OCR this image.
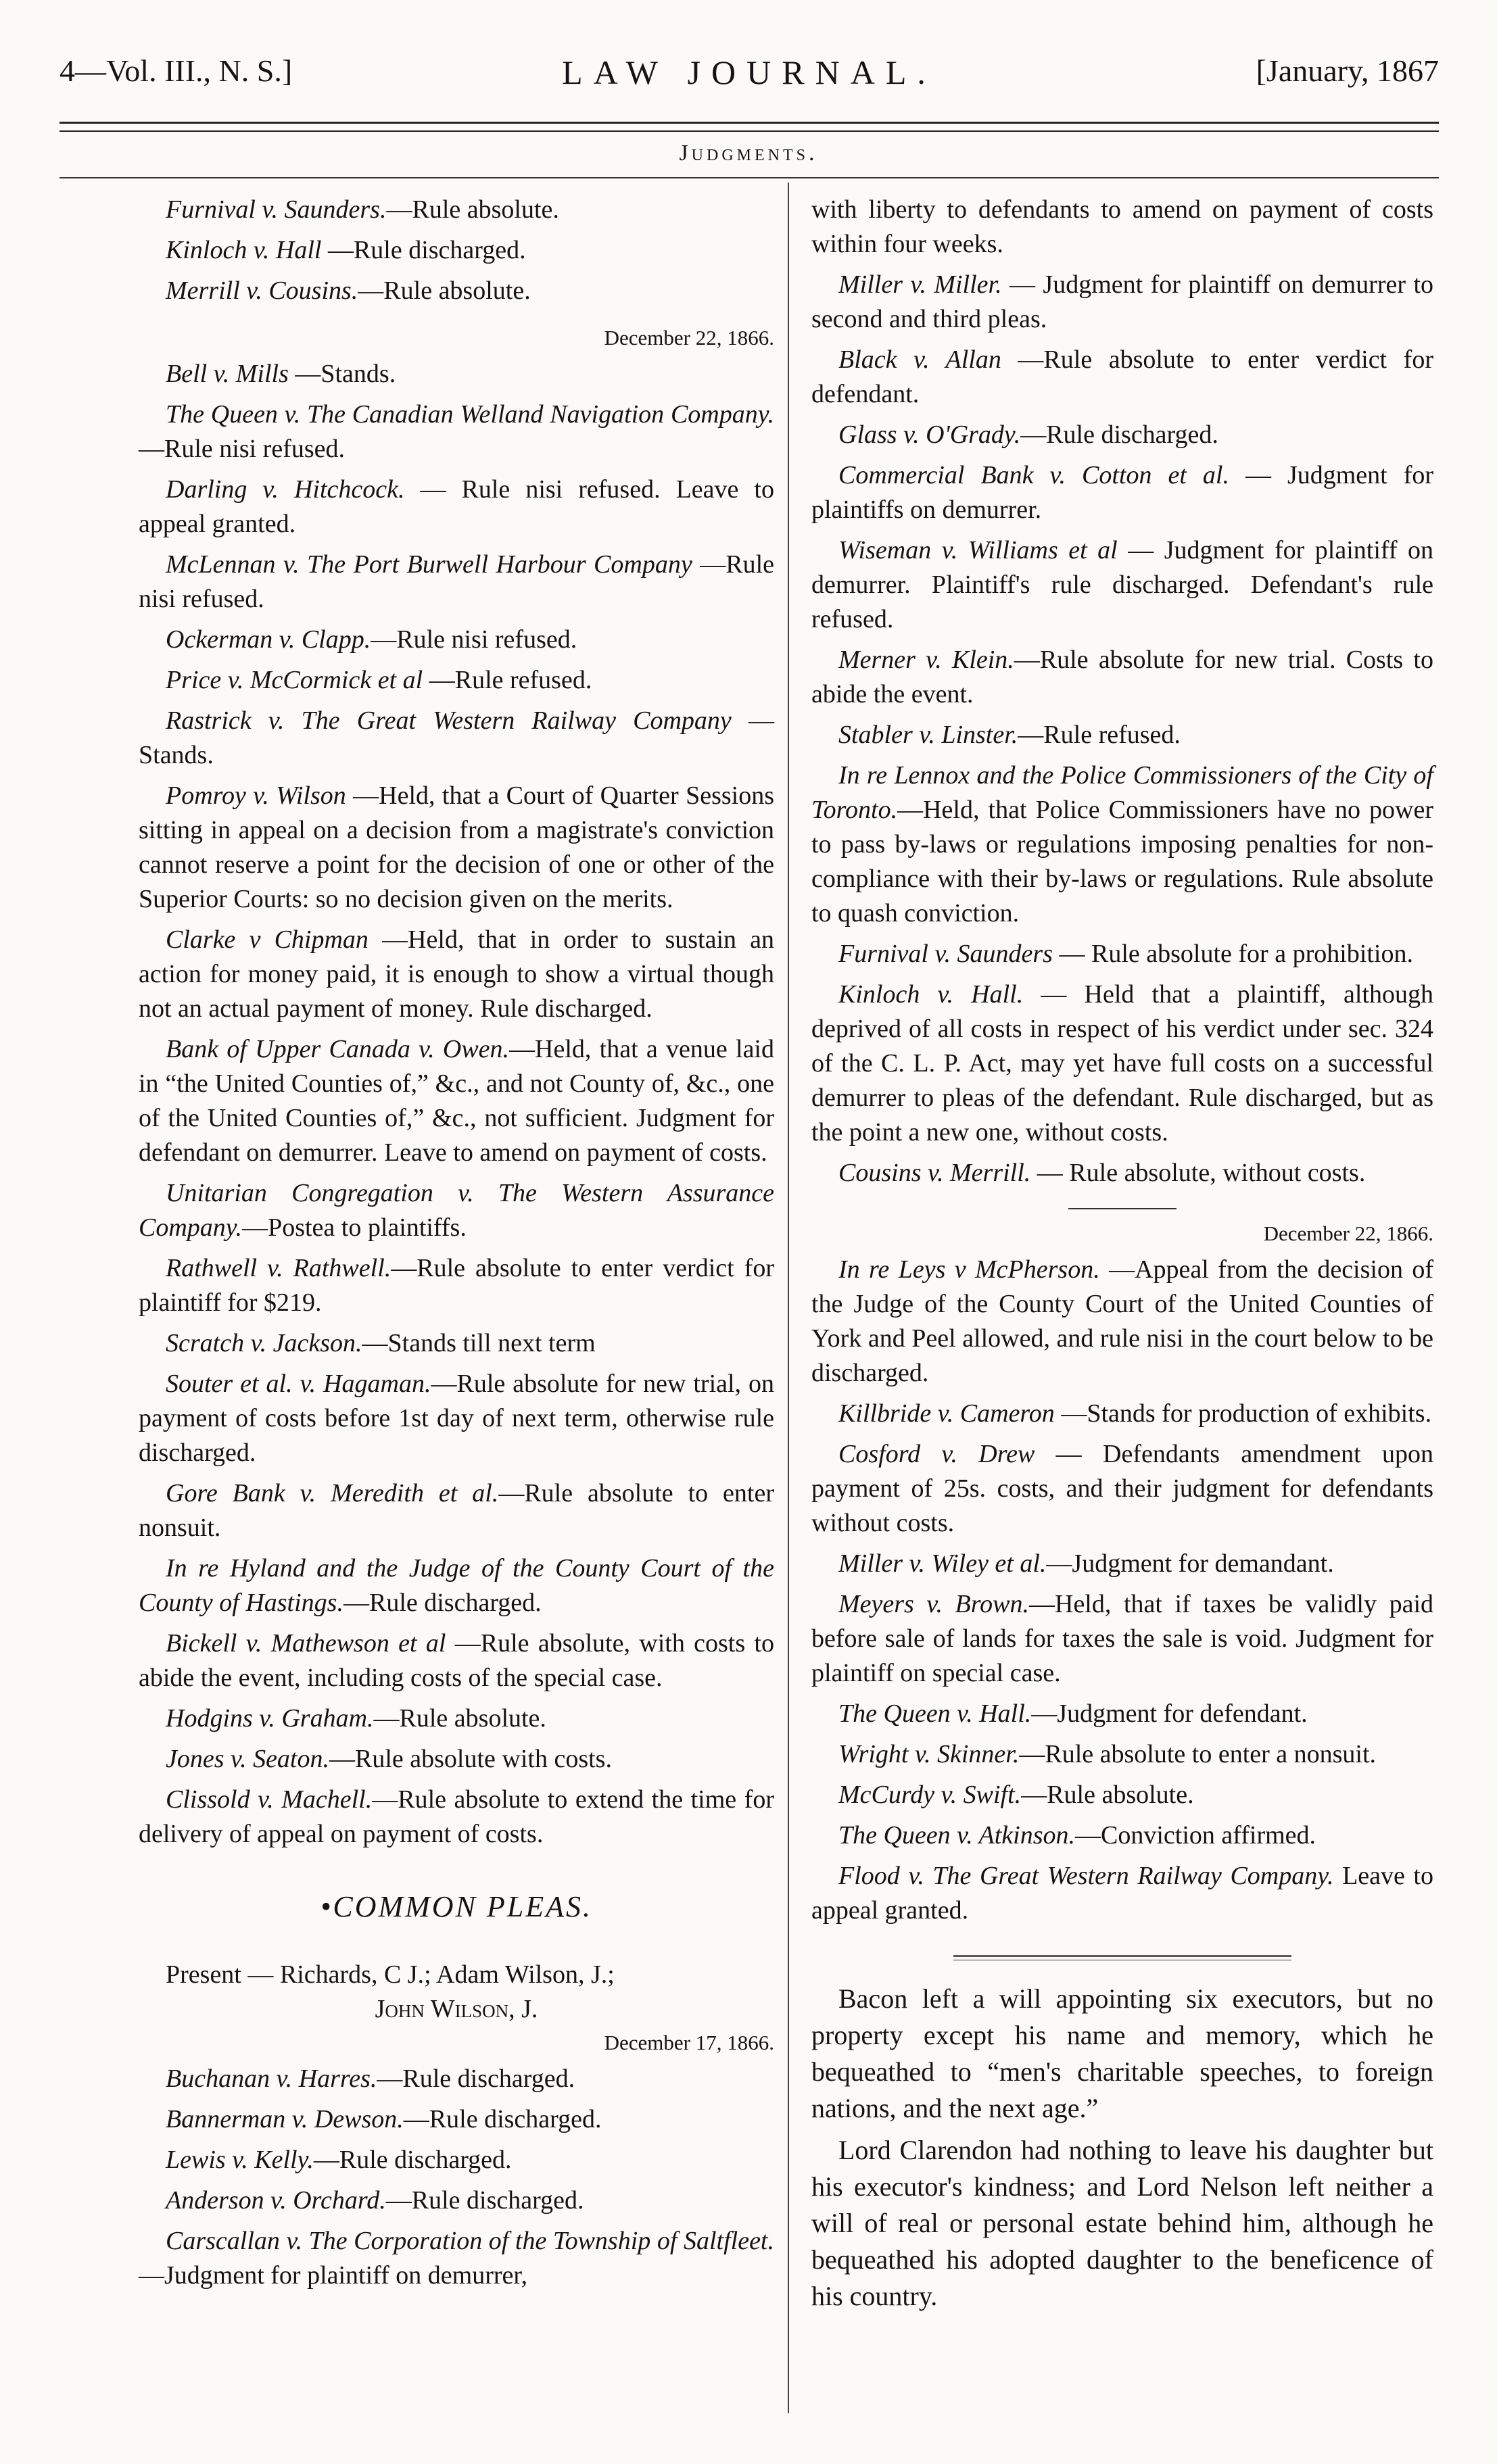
4—Vol. III., N. S.]	LAW JOURNAL.	[January, 1867
Judgments.

Furnival v. Saunders.—Rule absolute.

Kinloch v. Hall —Rule discharged.

Merrill v. Cousins.—Rule absolute.

December 22, 1866.

Bell v. Mills —Stands.

The Queen v. The Canadian Welland Navigation Company.—Rule nisi refused.

Darling v. Hitchcock. — Rule nisi refused. Leave to appeal granted.

McLennan v. The Port Burwell Harbour Company —Rule nisi refused.

Ockerman v. Clapp.—Rule nisi refused.

Price v. McCormick et al —Rule refused.

Rastrick v. The Great Western Railway Company —Stands.

Pomroy v. Wilson —Held, that a Court of Quarter Sessions sitting in appeal on a decision from a magistrate's conviction cannot reserve a point for the decision of one or other of the Superior Courts: so no decision given on the merits.

Clarke v Chipman —Held, that in order to sustain an action for money paid, it is enough to show a virtual though not an actual payment of money. Rule discharged.

Bank of Upper Canada v. Owen.—Held, that a venue laid in “the United Counties of,” &c., and not County of, &c., one of the United Counties of,” &c., not sufficient. Judgment for defendant on demurrer. Leave to amend on payment of costs.

Unitarian Congregation v. The Western Assurance Company.—Postea to plaintiffs.

Rathwell v. Rathwell.—Rule absolute to enter verdict for plaintiff for $219.

Scratch v. Jackson.—Stands till next term

Souter et al. v. Hagaman.—Rule absolute for new trial, on payment of costs before 1st day of next term, otherwise rule discharged.

Gore Bank v. Meredith et al.—Rule absolute to enter nonsuit.

In re Hyland and the Judge of the County Court of the County of Hastings.—Rule discharged.

Bickell v. Mathewson et al —Rule absolute, with costs to abide the event, including costs of the special case.

Hodgins v. Graham.—Rule absolute.

Jones v. Seaton.—Rule absolute with costs.

Clissold v. Machell.—Rule absolute to extend the time for delivery of appeal on payment of costs.

•COMMON PLEAS.

Present — Richards, C J.; Adam Wilson, J.;

John Wilson, J.
December 17, 1866.

Buchanan v. Harres.—Rule discharged.

Bannerman v. Dewson.—Rule discharged.

Lewis v. Kelly.—Rule discharged.

Anderson v. Orchard.—Rule discharged.

Carscallan v. The Corporation of the Township of Saltfleet.—Judgment for plaintiff on demurrer,

with liberty to defendants to amend on payment of costs within four weeks.

Miller v. Miller. — Judgment for plaintiff on demurrer to second and third pleas.

Black v. Allan —Rule absolute to enter verdict for defendant.

Glass v. O'Grady.—Rule discharged.

Commercial Bank v. Cotton et al. — Judgment for plaintiffs on demurrer.

Wiseman v. Williams et al — Judgment for plaintiff on demurrer. Plaintiff's rule discharged. Defendant's rule refused.

Merner v. Klein.—Rule absolute for new trial. Costs to abide the event.

Stabler v. Linster.—Rule refused.

In re Lennox and the Police Commissioners of the City of Toronto.—Held, that Police Commissioners have no power to pass by-laws or regulations imposing penalties for non-compliance with their by-laws or regulations. Rule absolute to quash conviction.

Furnival v. Saunders — Rule absolute for a prohibition.

Kinloch v. Hall. — Held that a plaintiff, although deprived of all costs in respect of his verdict under sec. 324 of the C. L. P. Act, may yet have full costs on a successful demurrer to pleas of the defendant. Rule discharged, but as the point a new one, without costs.

Cousins v. Merrill. — Rule absolute, without costs.

December 22, 1866.

In re Leys v McPherson. —Appeal from the decision of the Judge of the County Court of the United Counties of York and Peel allowed, and rule nisi in the court below to be discharged.

Killbride v. Cameron —Stands for production of exhibits.

Cosford v. Drew — Defendants amendment upon payment of 25s. costs, and their judgment for defendants without costs.

Miller v. Wiley et al.—Judgment for demandant.

Meyers v. Brown.—Held, that if taxes be validly paid before sale of lands for taxes the sale is void. Judgment for plaintiff on special case.

The Queen v. Hall.—Judgment for defendant.

Wright v. Skinner.—Rule absolute to enter a nonsuit.

McCurdy v. Swift.—Rule absolute.

The Queen v. Atkinson.—Conviction affirmed.

Flood v. The Great Western Railway Company. Leave to appeal granted.

Bacon left a will appointing six executors, but no property except his name and memory, which he bequeathed to “men's charitable speeches, to foreign nations, and the next age.”

Lord Clarendon had nothing to leave his daughter but his executor's kindness; and Lord Nelson left neither a will of real or personal estate behind him, although he bequeathed his adopted daughter to the beneficence of his country.
